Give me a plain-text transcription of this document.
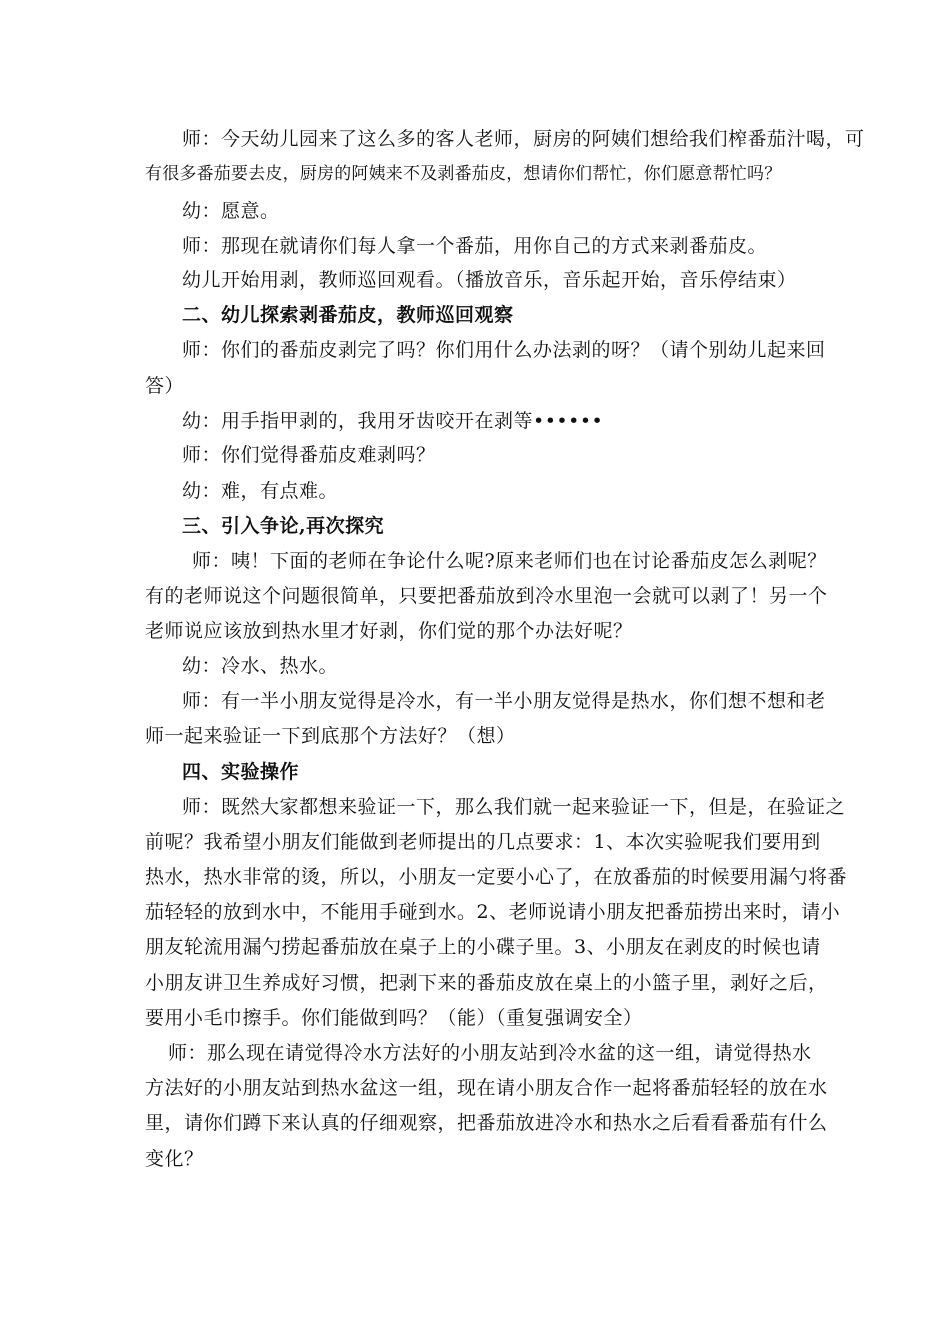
师：今天幼儿园来了这么多的客人老师，厨房的阿姨们想给我们榨番茄汁喝，可
有很多番茄要去皮，厨房的阿姨来不及剥番茄皮，想请你们帮忙，你们愿意帮忙吗？
幼：愿意。
师：那现在就请你们每人拿一个番茄，用你自己的方式来剥番茄皮。
幼儿开始用剥，教师巡回观看。（播放音乐，音乐起开始，音乐停结束）
二、幼儿探索剥番茄皮，教师巡回观察
师：你们的番茄皮剥完了吗？你们用什么办法剥的呀？（请个别幼儿起来回
答）
幼：用手指甲剥的，我用牙齿咬开在剥等••••••
师：你们觉得番茄皮难剥吗？
幼：难，有点难。
三、引入争论,再次探究
师：咦！下面的老师在争论什么呢?原来老师们也在讨论番茄皮怎么剥呢？
有的老师说这个问题很简单，只要把番茄放到冷水里泡一会就可以剥了！另一个
老师说应该放到热水里才好剥，你们觉的那个办法好呢？
幼：冷水、热水。
师：有一半小朋友觉得是冷水，有一半小朋友觉得是热水，你们想不想和老
师一起来验证一下到底那个方法好？（想）
四、实验操作
师：既然大家都想来验证一下，那么我们就一起来验证一下，但是，在验证之
前呢？我希望小朋友们能做到老师提出的几点要求：1、本次实验呢我们要用到
热水，热水非常的烫，所以，小朋友一定要小心了，在放番茄的时候要用漏勺将番
茄轻轻的放到水中，不能用手碰到水。2、老师说请小朋友把番茄捞出来时，请小
朋友轮流用漏勺捞起番茄放在桌子上的小碟子里。3、小朋友在剥皮的时候也请
小朋友讲卫生养成好习惯，把剥下来的番茄皮放在桌上的小篮子里，剥好之后，
要用小毛巾擦手。你们能做到吗？（能）（重复强调安全）
师：那么现在请觉得冷水方法好的小朋友站到冷水盆的这一组，请觉得热水
方法好的小朋友站到热水盆这一组，现在请小朋友合作一起将番茄轻轻的放在水
里，请你们蹲下来认真的仔细观察，把番茄放进冷水和热水之后看看番茄有什么
变化？
